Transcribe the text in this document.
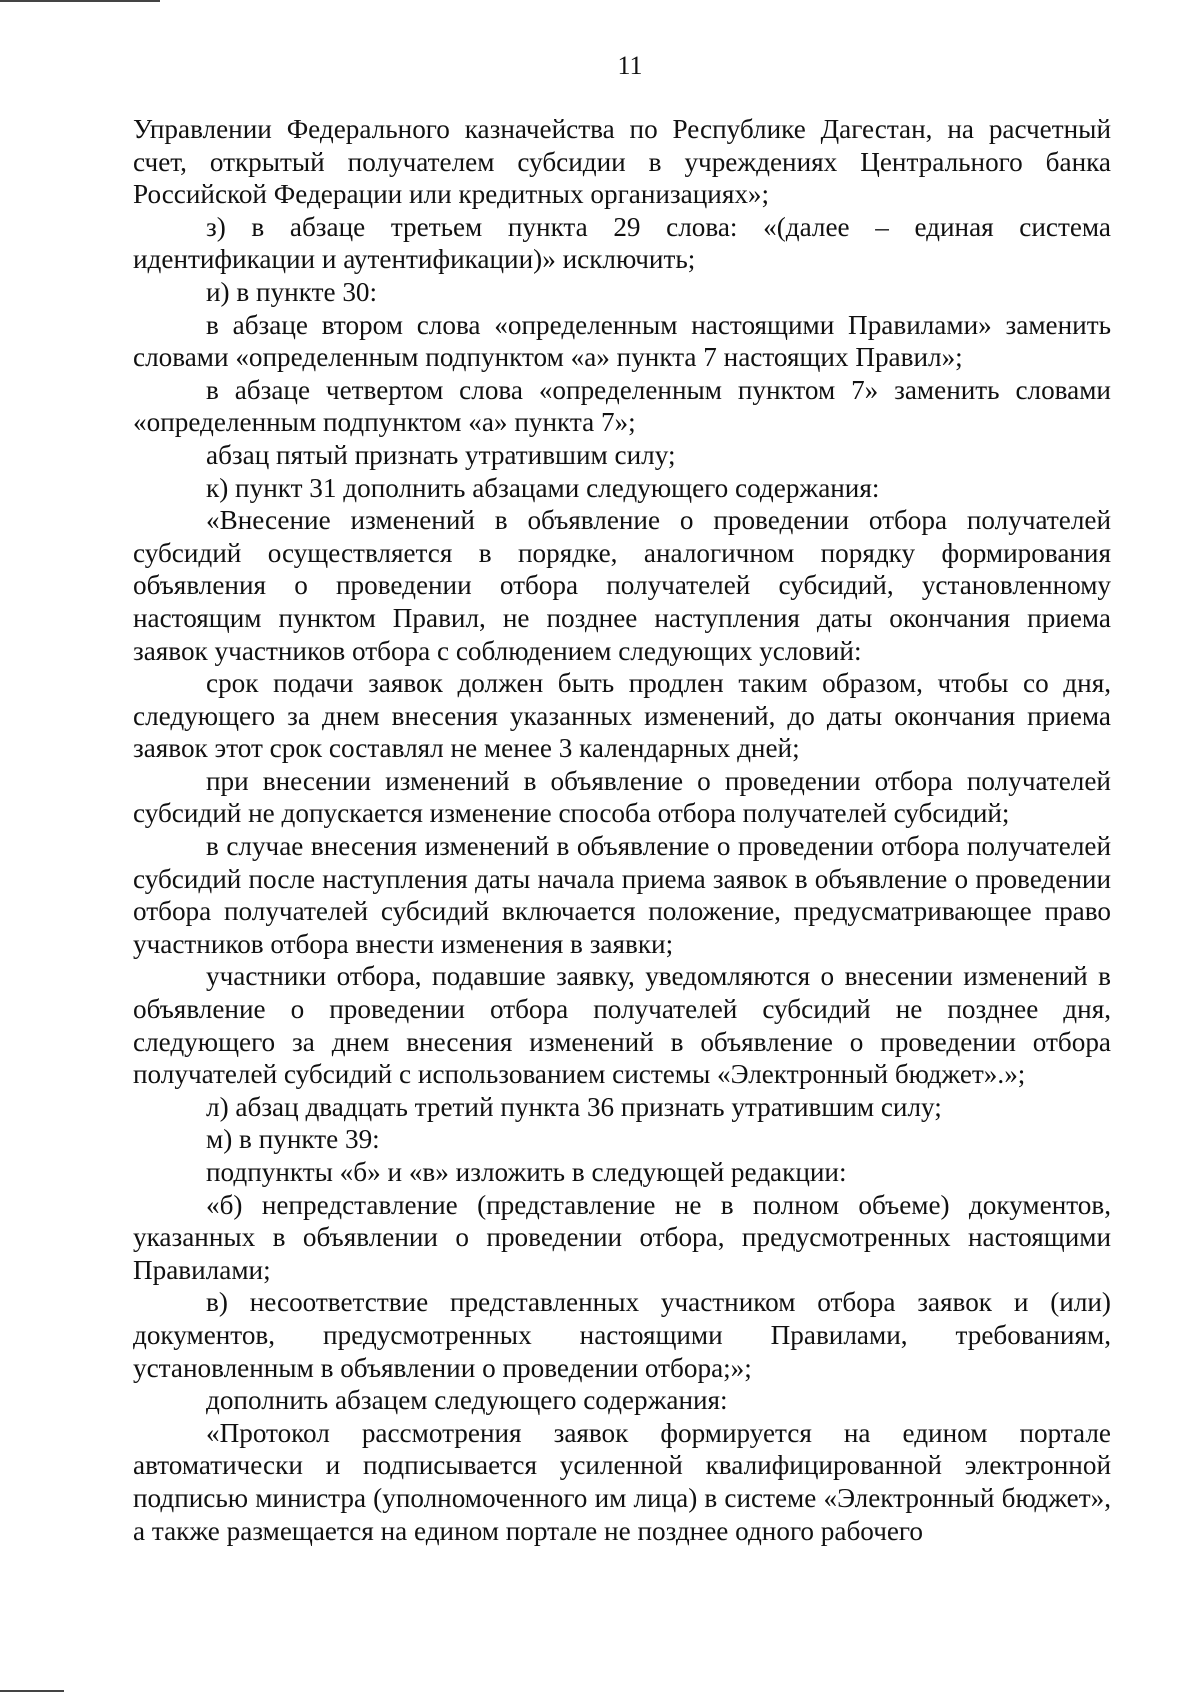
11

Управлении Федерального казначейства по Республике Дагестан, на расчетный счет, открытый получателем субсидии в учреждениях Центрального банка Российской Федерации или кредитных организациях»;

з) в абзаце третьем пункта 29 слова: «(далее – единая система идентификации и аутентификации)» исключить;

и) в пункте 30:

в абзаце втором слова «определенным настоящими Правилами» заменить словами «определенным подпунктом «а» пункта 7 настоящих Правил»;

в абзаце четвертом слова «определенным пунктом 7» заменить словами «определенным подпунктом «а» пункта 7»;

абзац пятый признать утратившим силу;

к) пункт 31 дополнить абзацами следующего содержания:

«Внесение изменений в объявление о проведении отбора получателей субсидий осуществляется в порядке, аналогичном порядку формирования объявления о проведении отбора получателей субсидий, установленному настоящим пунктом Правил, не позднее наступления даты окончания приема заявок участников отбора с соблюдением следующих условий:

срок подачи заявок должен быть продлен таким образом, чтобы со дня, следующего за днем внесения указанных изменений, до даты окончания приема заявок этот срок составлял не менее 3 календарных дней;

при внесении изменений в объявление о проведении отбора получателей субсидий не допускается изменение способа отбора получателей субсидий;

в случае внесения изменений в объявление о проведении отбора получателей субсидий после наступления даты начала приема заявок в объявление о проведении отбора получателей субсидий включается положение, предусматривающее право участников отбора внести изменения в заявки;

участники отбора, подавшие заявку, уведомляются о внесении изменений в объявление о проведении отбора получателей субсидий не позднее дня, следующего за днем внесения изменений в объявление о проведении отбора получателей субсидий с использованием системы «Электронный бюджет».»;

л) абзац двадцать третий пункта 36 признать утратившим силу;

м) в пункте 39:

подпункты «б» и «в» изложить в следующей редакции:

«б) непредставление (представление не в полном объеме) документов, указанных в объявлении о проведении отбора, предусмотренных настоящими Правилами;

в) несоответствие представленных участником отбора заявок и (или) документов, предусмотренных настоящими Правилами, требованиям, установленным в объявлении о проведении отбора;»;

дополнить абзацем следующего содержания:

«Протокол рассмотрения заявок формируется на едином портале автоматически и подписывается усиленной квалифицированной электронной подписью министра (уполномоченного им лица) в системе «Электронный бюджет», а также размещается на едином портале не позднее одного рабочего
